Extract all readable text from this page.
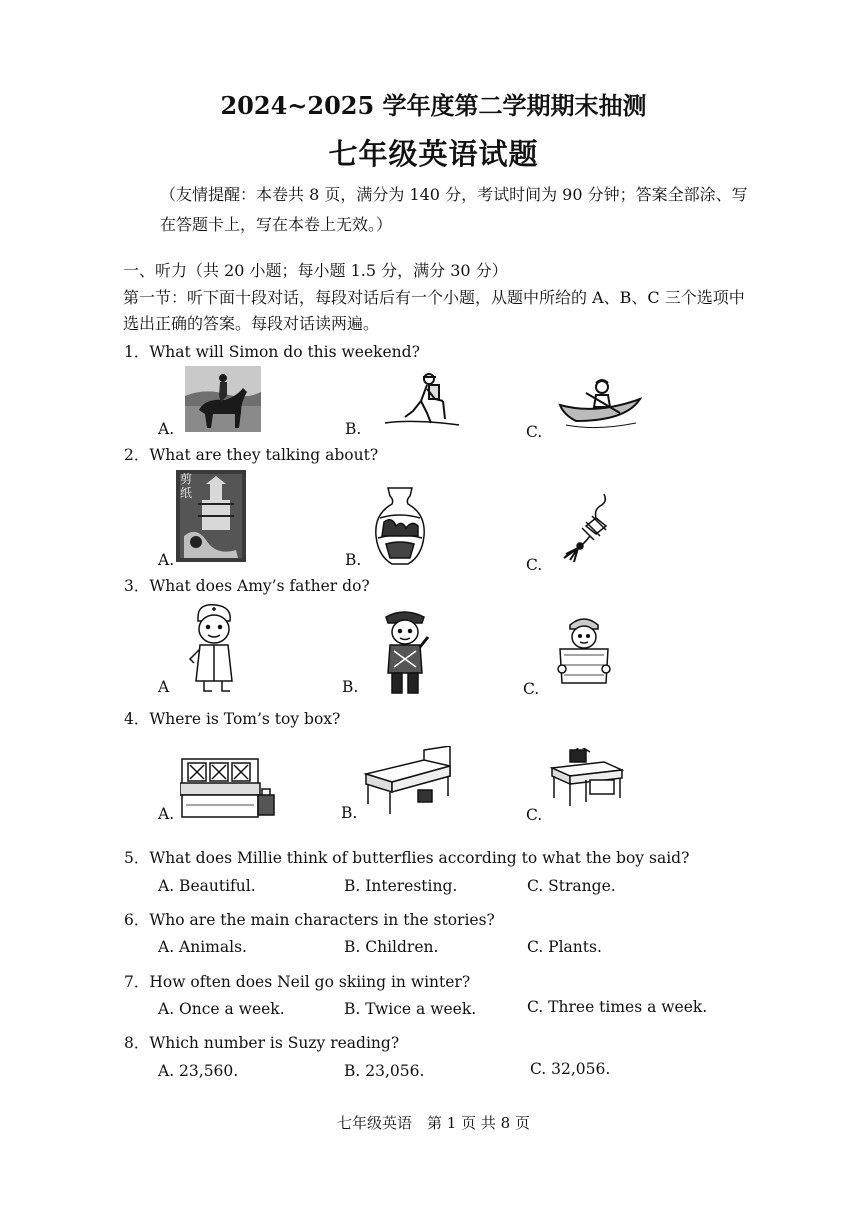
2024~2025 学年度第二学期期末抽测
七年级英语试题
（友情提醒：本卷共 8 页，满分为 140 分，考试时间为 90 分钟；答案全部涂、写在答题卡上，写在本卷上无效。）
一、听力（共 20 小题；每小题 1.5 分，满分 30 分）
第一节：听下面十段对话，每段对话后有一个小题，从题中所给的 A、B、C 三个选项中
选出正确的答案。每段对话读两遍。
1．What will Simon do this weekend?
A.	B.	C.
2．What are they talking about?
A.	B.	C.
剪纸
3．What does Amy’s father do?
A	B.	C.
4．Where is Tom’s toy box?
A.	B.	C.
5．What does Millie think of butterflies according to what the boy said?
A. Beautiful.	B. Interesting.	C. Strange.
6．Who are the main characters in the stories?
A. Animals.	B. Children.	C. Plants.
7．How often does Neil go skiing in winter?
A. Once a week.	B. Twice a week.	C. Three times a week.
8．Which number is Suzy reading?
A. 23,560.	B. 23,056.	C. 32,056.
七年级英语　第 1 页 共 8 页
